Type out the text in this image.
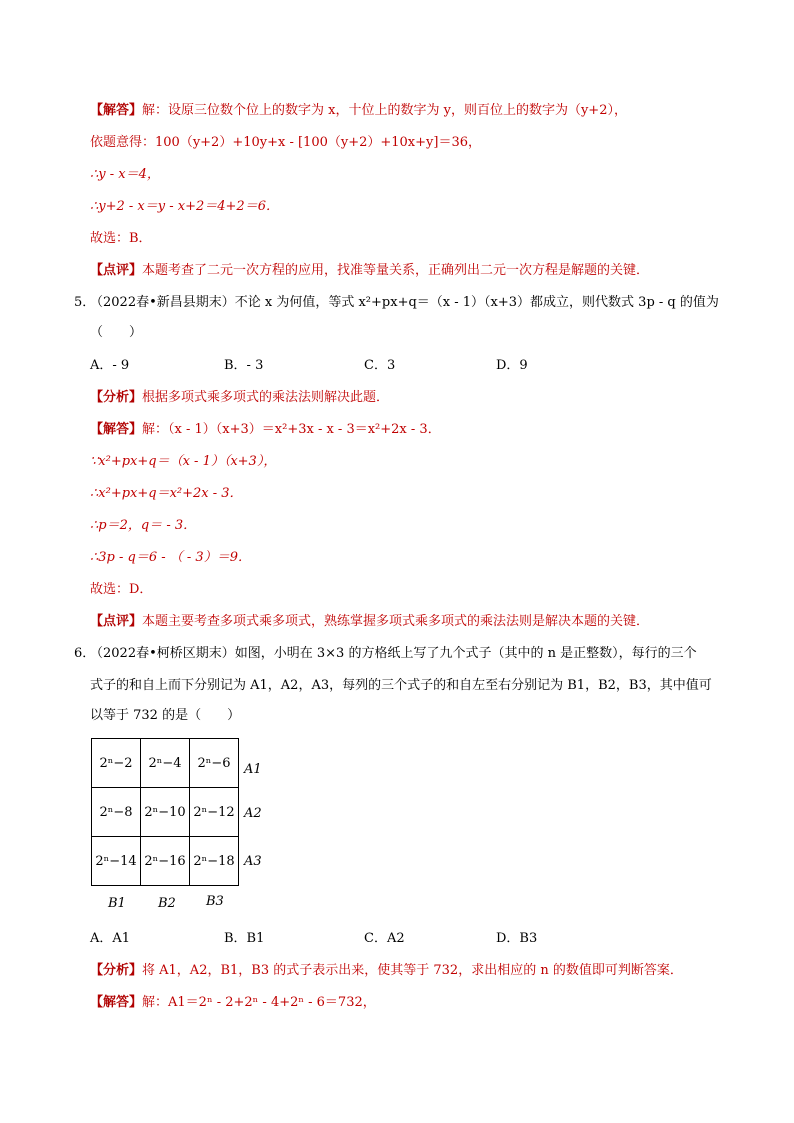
【解答】解：设原三位数个位上的数字为 x，十位上的数字为 y，则百位上的数字为（y+2），
依题意得：100（y+2）+10y+x - [100（y+2）+10x+y]＝36，
∴y - x＝4，
∴y+2 - x＝y - x+2＝4+2＝6．
故选：B．
【点评】本题考查了二元一次方程的应用，找准等量关系，正确列出二元一次方程是解题的关键．
5．
（2022春•新昌县期末）不论 x 为何值，等式 x²+px+q＝（x - 1）（x+3）都成立，则代数式 3p - q 的值为
（　　）
A．- 9	B．- 3	C．3	D．9
【分析】根据多项式乘多项式的乘法法则解决此题．
【解答】解：（x - 1）（x+3）＝x²+3x - x - 3＝x²+2x - 3．
∵x²+px+q＝（x - 1）（x+3），
∴x²+px+q＝x²+2x - 3．
∴p＝2，q＝ - 3．
∴3p - q＝6 - （ - 3）＝9．
故选：D．
【点评】本题主要考查多项式乘多项式，熟练掌握多项式乘多项式的乘法法则是解决本题的关键．
6．
（2022春•柯桥区期末）如图，小明在 3×3 的方格纸上写了九个式子（其中的 n 是正整数），每行的三个
式子的和自上而下分别记为 A1，A2，A3，每列的三个式子的和自左至右分别记为 B1，B2，B3，其中值可
以等于 732 的是（　　）
2ⁿ−2	2ⁿ−4	2ⁿ−6
2ⁿ−8	2ⁿ−10	2ⁿ−12
2ⁿ−14	2ⁿ−16	2ⁿ−18
A1
A2
A3
B1 B2 B3
A．A1	B．B1	C．A2	D．B3
【分析】将 A1，A2，B1，B3 的式子表示出来，使其等于 732，求出相应的 n 的数值即可判断答案．
【解答】解：A1＝2ⁿ - 2+2ⁿ - 4+2ⁿ - 6＝732，
